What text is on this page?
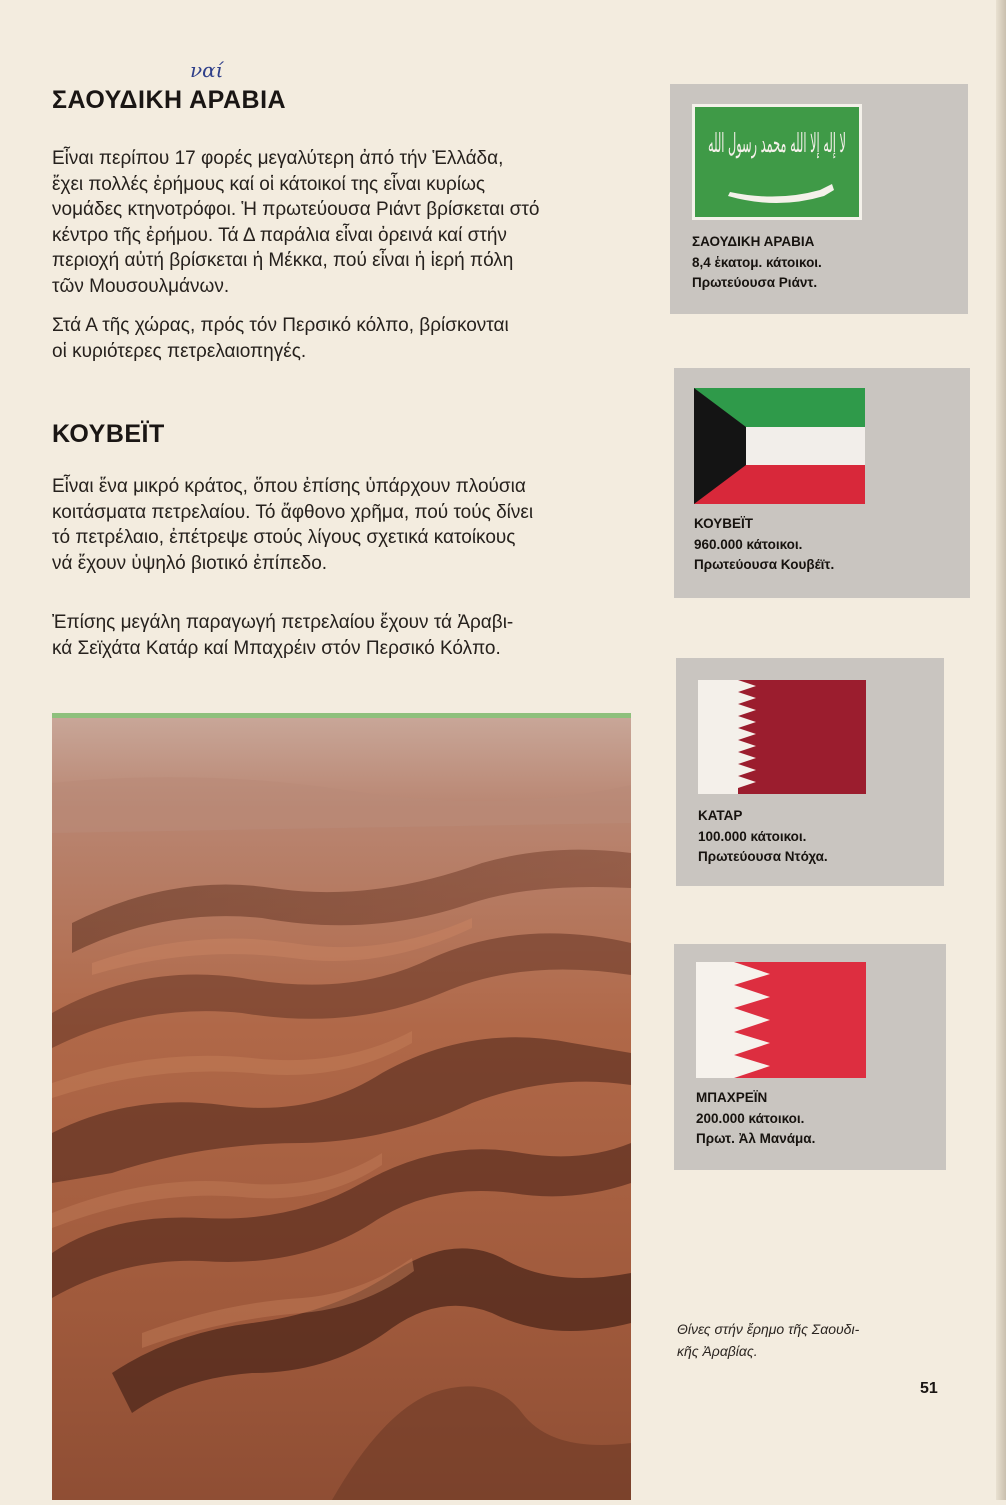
ναί
ΣΑΟΥΔΙΚΗ ΑΡΑΒΙΑ

Εἶναι περίπου 17 φορές μεγαλύτερη ἀπό τήν Ἑλλάδα,
ἔχει πολλές ἐρήμους καί οἱ κάτοικοί της εἶναι κυρίως
νομάδες κτηνοτρόφοι. Ἡ πρωτεύουσα Ριάντ βρίσκεται στό
κέντρο τῆς ἐρήμου. Τά Δ παράλια εἶναι ὀρεινά καί στήν
περιοχή αὐτή βρίσκεται ἡ Μέκκα, πού εἶναι ἡ ἱερή πόλη
τῶν Μουσουλμάνων.

Στά Α τῆς χώρας, πρός τόν Περσικό κόλπο, βρίσκονται
οἱ κυριότερες πετρελαιοπηγές.

ΚΟΥΒΕΪΤ

Εἶναι ἕνα μικρό κράτος, ὅπου ἐπίσης ὑπάρχουν πλούσια
κοιτάσματα πετρελαίου. Τό ἄφθονο χρῆμα, πού τούς δίνει
τό πετρέλαιο, ἐπέτρεψε στούς λίγους σχετικά κατοίκους
νά ἔχουν ὑψηλό βιοτικό ἐπίπεδο.

Ἐπίσης μεγάλη παραγωγή πετρελαίου ἔχουν τά Ἀραβι-
κά Σεϊχάτα Κατάρ καί Μπαχρέιν στόν Περσικό Κόλπο.

Θίνες στήν ἔρημο τῆς Σαουδι-
κῆς Ἀραβίας.
لا إله إلا الله محمد رسول الله
ΣΑΟΥΔΙΚΗ ΑΡΑΒΙΑ
8,4 ἑκατομ. κάτοικοι.
Πρωτεύουσα Ριάντ.
ΚΟΥΒΕΪΤ
960.000 κάτοικοι.
Πρωτεύουσα Κουβέϊτ.
ΚΑΤΑΡ
100.000 κάτοικοι.
Πρωτεύουσα Ντόχα.
ΜΠΑΧΡΕΪΝ
200.000 κάτοικοι.
Πρωτ. Ἀλ Μανάμα.
51
